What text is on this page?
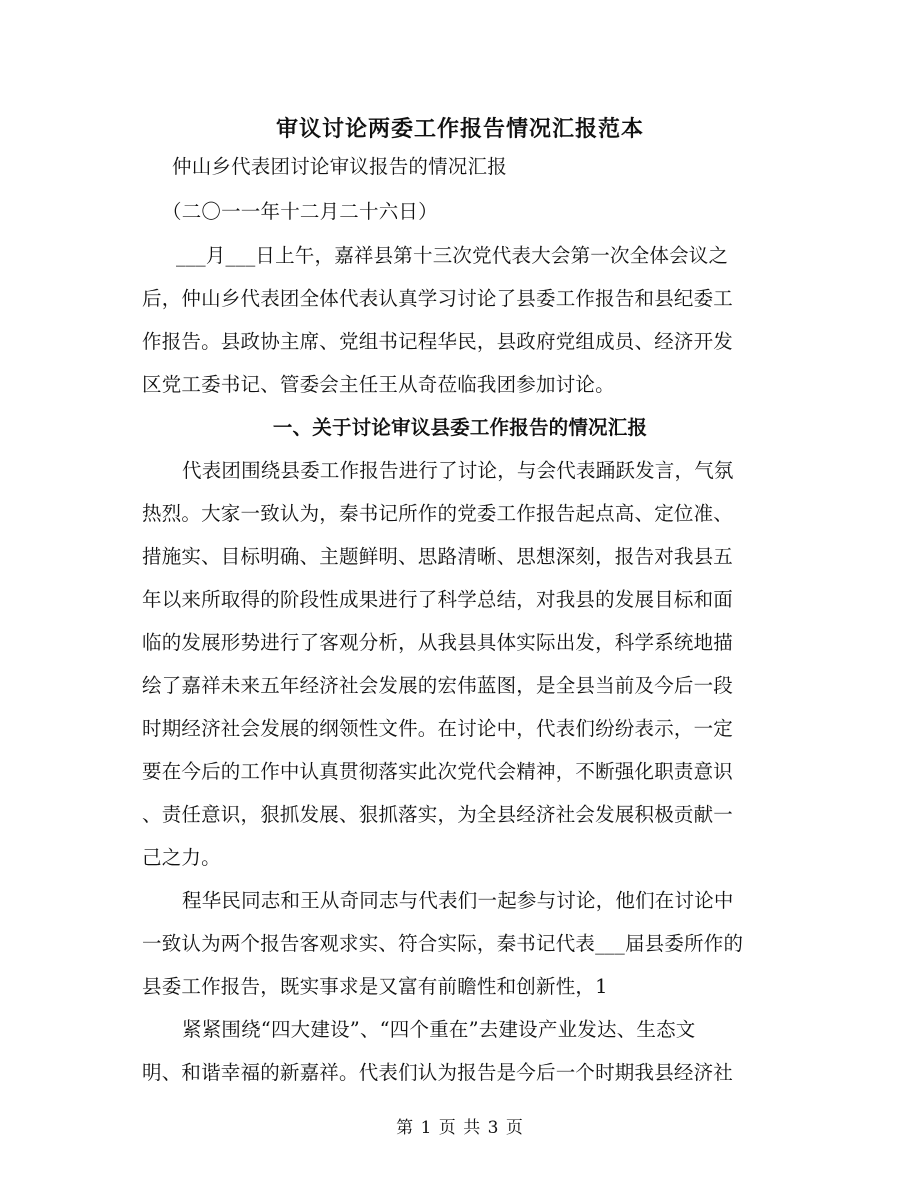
审议讨论两委工作报告情况汇报范本
仲山乡代表团讨论审议报告的情况汇报
（二〇一一年十二月二十六日）
___月___日上午，嘉祥县第十三次党代表大会第一次全体会议之
后，仲山乡代表团全体代表认真学习讨论了县委工作报告和县纪委工
作报告。县政协主席、党组书记程华民，县政府党组成员、经济开发
区党工委书记、管委会主任王从奇莅临我团参加讨论。
一、关于讨论审议县委工作报告的情况汇报
代表团围绕县委工作报告进行了讨论，与会代表踊跃发言，气氛
热烈。大家一致认为，秦书记所作的党委工作报告起点高、定位准、
措施实、目标明确、主题鲜明、思路清晰、思想深刻，报告对我县五
年以来所取得的阶段性成果进行了科学总结，对我县的发展目标和面
临的发展形势进行了客观分析，从我县具体实际出发，科学系统地描
绘了嘉祥未来五年经济社会发展的宏伟蓝图，是全县当前及今后一段
时期经济社会发展的纲领性文件。在讨论中，代表们纷纷表示，一定
要在今后的工作中认真贯彻落实此次党代会精神，不断强化职责意识
、责任意识，狠抓发展、狠抓落实，为全县经济社会发展积极贡献一
己之力。
程华民同志和王从奇同志与代表们一起参与讨论，他们在讨论中
一致认为两个报告客观求实、符合实际，秦书记代表___届县委所作的
县委工作报告，既实事求是又富有前瞻性和创新性，1
紧紧围绕“四大建设”、“四个重在”去建设产业发达、生态文
明、和谐幸福的新嘉祥。代表们认为报告是今后一个时期我县经济社
第 1 页 共 3 页
